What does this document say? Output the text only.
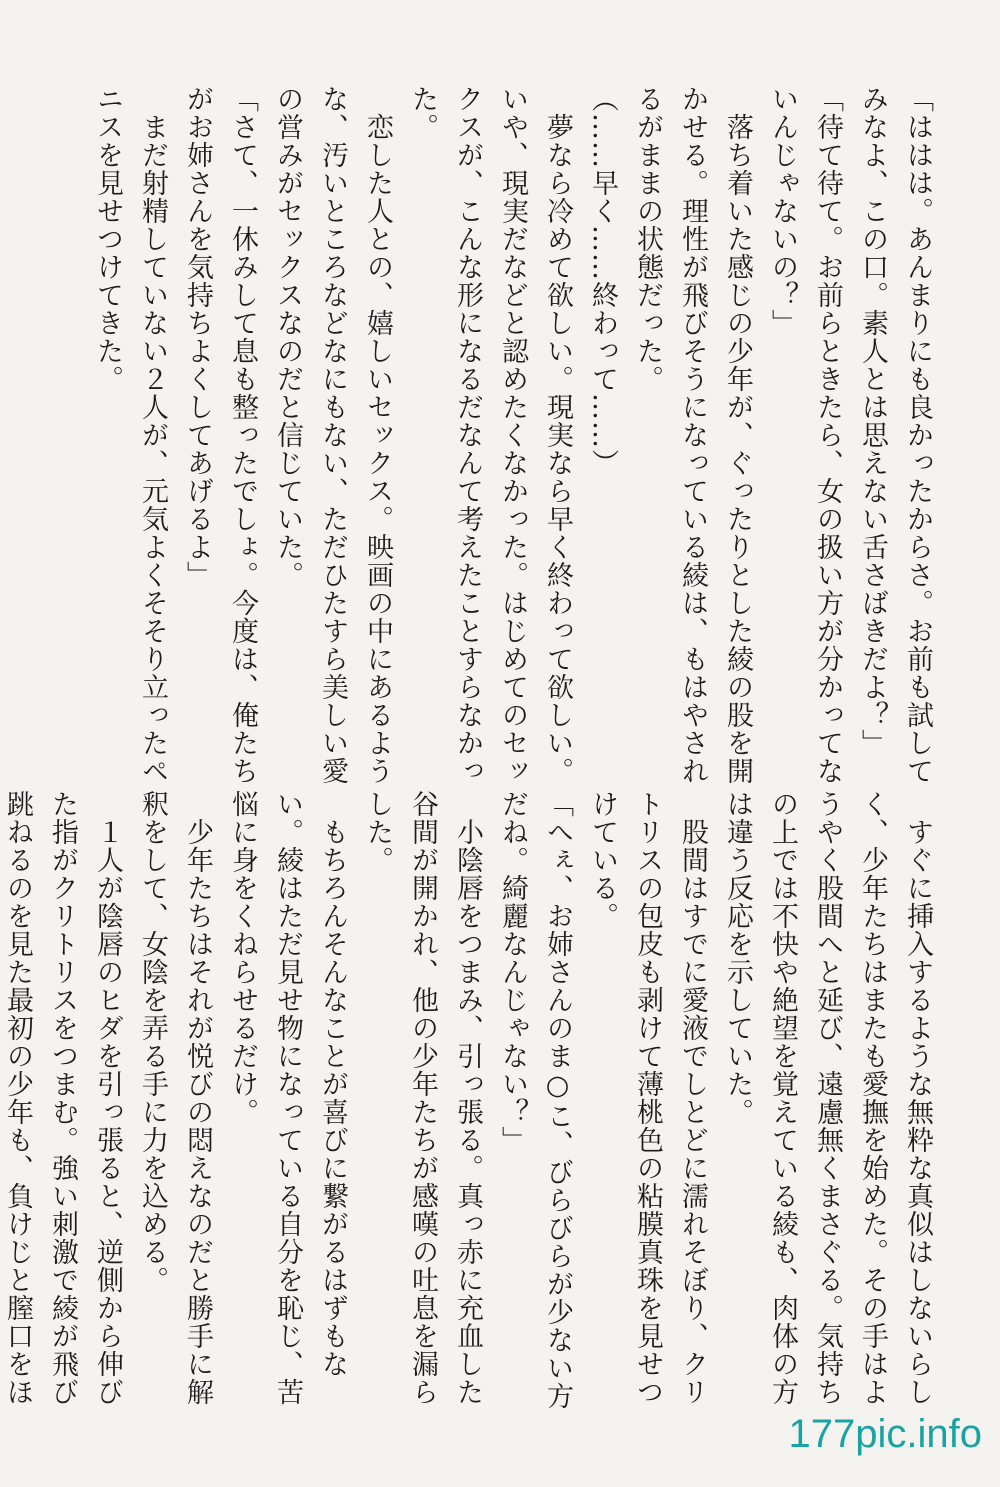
「ははは。あんまりにも良かったからさ。お前も試してみなよ、この口。素人とは思えない舌さばきだよ？」

「待て待て。お前らときたら、女の扱い方が分かってないんじゃないの？」

　落ち着いた感じの少年が、ぐったりとした綾の股を開かせる。理性が飛びそうになっている綾は、もはやされるがままの状態だった。

（……早く……終わって……）

　夢なら冷めて欲しい。現実なら早く終わって欲しい。

いや、現実だなどと認めたくなかった。はじめてのセックスが、こんな形になるだなんて考えたことすらなかった。

　恋した人との、嬉しいセックス。映画の中にあるような、汚いところなどなにもない、ただひたすら美しい愛の営みがセックスなのだと信じていた。

「さて、一休みして息も整ったでしょ。今度は、俺たちがお姉さんを気持ちよくしてあげるよ」

　まだ射精していない２人が、元気よくそそり立ったペニスを見せつけてきた。

　すぐに挿入するような無粋な真似はしないらしく、少年たちはまたも愛撫を始めた。その手はようやく股間へと延び、遠慮無くまさぐる。気持ちの上では不快や絶望を覚えている綾も、肉体の方は違う反応を示していた。

　股間はすでに愛液でしとどに濡れそぼり、クリトリスの包皮も剥けて薄桃色の粘膜真珠を見せつけている。

「へぇ、お姉さんのま○こ、びらびらが少ない方だね。綺麗なんじゃない？」

　小陰唇をつまみ、引っ張る。真っ赤に充血した谷間が開かれ、他の少年たちが感嘆の吐息を漏らした。

　もちろんそんなことが喜びに繋がるはずもない。綾はただ見せ物になっている自分を恥じ、苦悩に身をくねらせるだけ。

　少年たちはそれが悦びの悶えなのだと勝手に解釈をして、女陰を弄る手に力を込める。

　１人が陰唇のヒダを引っ張ると、逆側から伸びた指がクリトリスをつまむ。強い刺激で綾が飛び跳ねるのを見た最初の少年も、負けじと膣口をほ

177pic.info
